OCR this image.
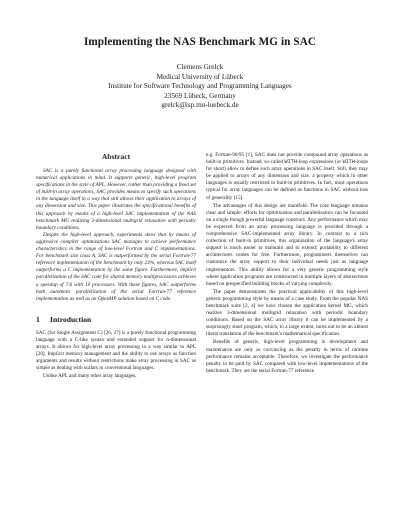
Implementing the NAS Benchmark MG in SAC
Clemens Grelck
Medical University of Lübeck
Institute for Software Technology and Programming Languages
23569 Lübeck, Germany
grelck@isp.mu-luebeck.de
Abstract

SAC is a purely functional array processing language designed with numerical applications in mind. It supports generic, high-level program specifications in the style of APL. However, rather than providing a fixed set of built-in array operations, SAC provides means to specify such operations in the language itself in a way that still allows their application to arrays of any dimension and size. This paper illustrates the specificational benefits of this approach by means of a high-level SAC implementation of the NAS benchmark MG realizing 3-dimensional multigrid relaxation with periodic boundary conditions.

Despite the high-level approach, experiments show that by means of aggressive compiler optimizations SAC manages to achieve performance characteristics in the range of low-level Fortran and C implementations. For benchmark size class A, SAC is outperformed by the serial Fortran-77 reference implementation of the benchmark by only 23%, whereas SAC itself outperforms a C implementation by the same figure. Furthermore, implicit parallelization of the SAC code for shared memory multiprocessors achieves a speedup of 7.6 with 10 processors. With these figures, SAC outperforms both automatic parallelization of the serial Fortran-77 reference implementation as well as an OpenMP solution based on C code.

1 Introduction

SAC (for Single Assignment C) [26, 27] is a purely functional programming language with a C-like syntax and extended support for n-dimensional arrays. It allows for high-level array processing in a way similar to APL [20]. Implicit memory management and the ability to use arrays as function arguments and results without restrictions make array processing in SAC as simple as dealing with scalars in conventional languages.

Unlike APL and many other array languages,

e.g. Fortran-90/95 [1], SAC does not provide compound array operations as built-in primitives. Instead, so-called WITH-loop expressions (or WITH-loops for short) allow to define such array operations in SAC itself. Still, they may be applied to arrays of any dimension and size, a property which in other languages is usually restricted to built-in primitives. In fact, most operations typical for array languages can be defined as functions in SAC without loss of generality [15].

The advantages of this design are manifold. The core language remains clear and simple; efforts for optimization and parallelization can be focussed on a single though powerful language construct. Any performance which may be expected from an array processing language is provided through a comprehensive SAC-implemented array library. In contrast to a rich collection of built-in primitives, this organization of the language's array support is much easier to maintain and to extend; portability to different architectures comes for free. Furthermore, programmers themselves can customize the array support to their individual needs just as language implementors. This ability allows for a very generic programming style where application programs are constructed in multiple layers of abstractions based on prespecified building blocks of varying complexity.

The paper demonstrates the practical applicability of this high-level generic programming style by means of a case study. From the popular NAS benchmark suite [2, 4] we have chosen the application kernel MG, which realizes 3-dimensional multigrid relaxation with periodic boundary conditions. Based on the SAC array library it can be implemented by a surprisingly short program, which, to a large extent, turns out to be an almost literal translation of the benchmark's mathematical specification.

Benefits of generic, high-level programming in development and maintenance are only as convincing as the penalty in terms of runtime performance remains acceptable. Therefore, we investigate the performance penalty to be paid by SAC compared with low-level implementations of the benchmark. They are the serial Fortran-77 reference
